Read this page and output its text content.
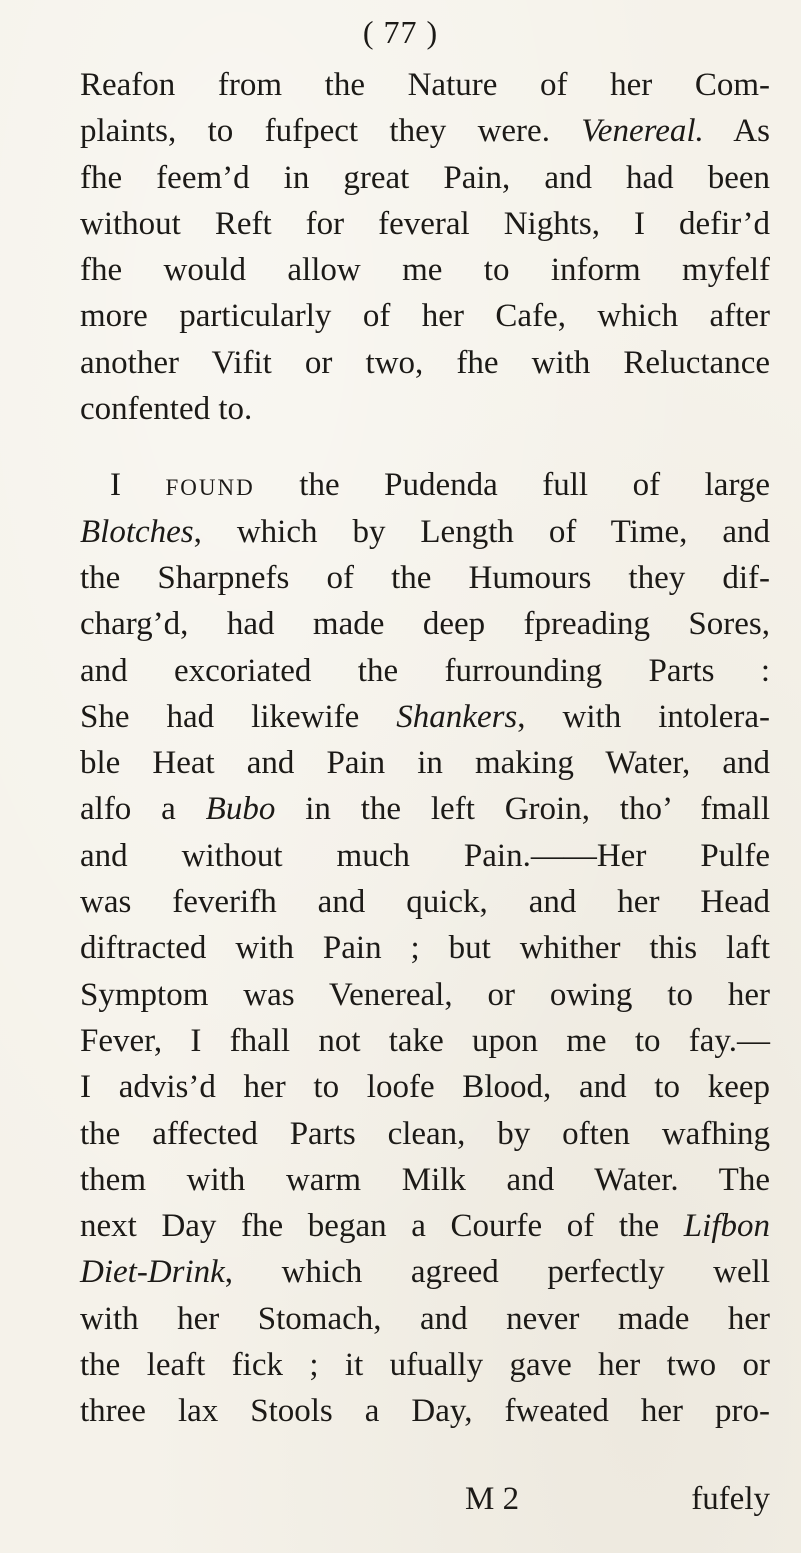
( 77 )
Reafon from the Nature of her Com-
plaints, to fufpect they were. Venereal. As
fhe feem’d in great Pain, and had been
without Reft for feveral Nights, I defir’d
fhe would allow me to inform myfelf
more particularly of her Cafe, which after
another Vifit or two, fhe with Reluctance
confented to.
I found the Pudenda full of large
Blotches, which by Length of Time, and
the Sharpnefs of the Humours they dif-
charg’d, had made deep fpreading Sores,
and excoriated the furrounding Parts :
She had likewife Shankers, with intolera-
ble Heat and Pain in making Water, and
alfo a Bubo in the left Groin, tho’ fmall
and without much Pain.——Her Pulfe
was feverifh and quick, and her Head
diftracted with Pain ; but whither this laft
Symptom was Venereal, or owing to her
Fever, I fhall not take upon me to fay.—
I advis’d her to loofe Blood, and to keep
the affected Parts clean, by often wafhing
them with warm Milk and Water. The
next Day fhe began a Courfe of the Lifbon
Diet-Drink, which agreed perfectly well
with her Stomach, and never made her
the leaft fick ; it ufually gave her two or
three lax Stools a Day, fweated her pro-
M 2	fufely
